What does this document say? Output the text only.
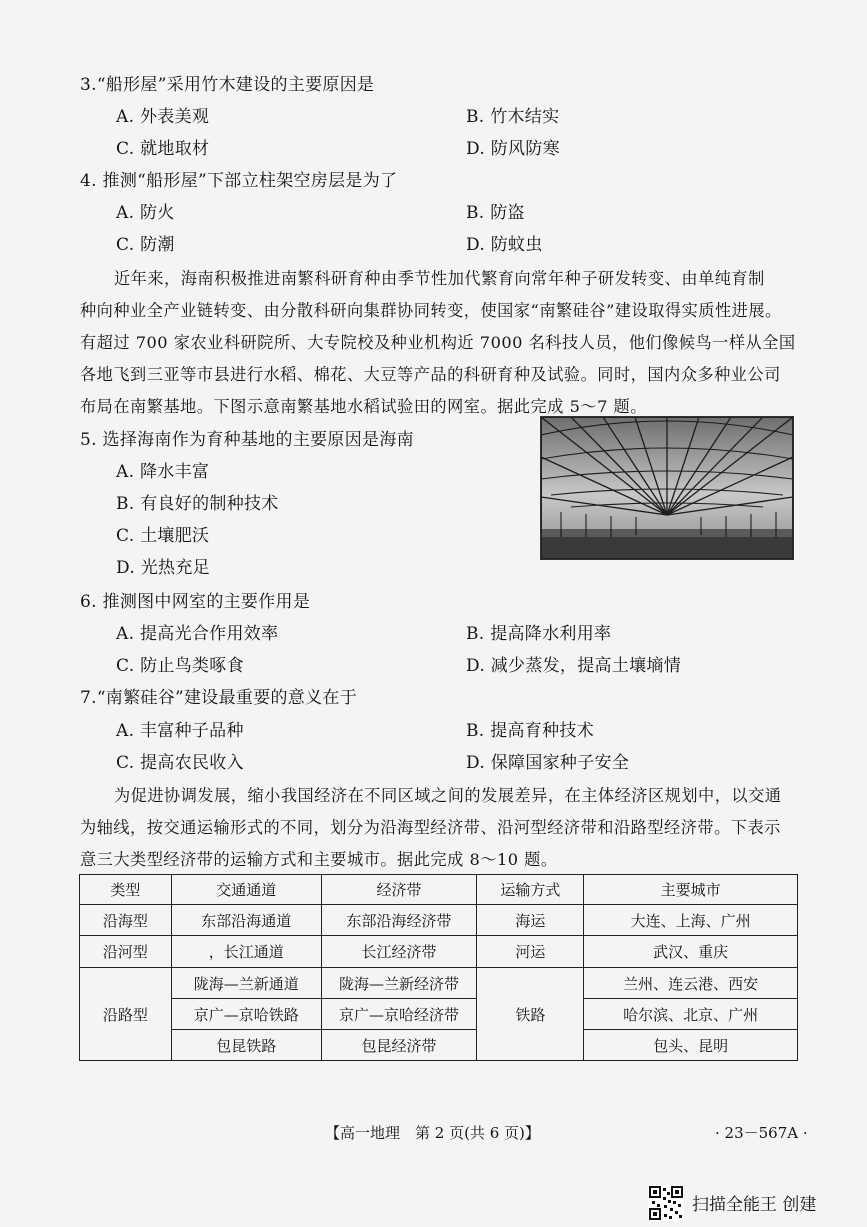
3.“船形屋”采用竹木建设的主要原因是
A. 外表美观	B. 竹木结实
C. 就地取材	D. 防风防寒
4. 推测“船形屋”下部立柱架空房层是为了
A. 防火	B. 防盗
C. 防潮	D. 防蚊虫
近年来，海南积极推进南繁科研育种由季节性加代繁育向常年种子研发转变、由单纯育制
种向种业全产业链转变、由分散科研向集群协同转变，使国家“南繁硅谷”建设取得实质性进展。
有超过 700 家农业科研院所、大专院校及种业机构近 7000 名科技人员，他们像候鸟一样从全国
各地飞到三亚等市县进行水稻、棉花、大豆等产品的科研育种及试验。同时，国内众多种业公司
布局在南繁基地。下图示意南繁基地水稻试验田的网室。据此完成 5～7 题。
5. 选择海南作为育种基地的主要原因是海南
A. 降水丰富
B. 有良好的制种技术
C. 土壤肥沃
D. 光热充足
6. 推测图中网室的主要作用是
A. 提高光合作用效率	B. 提高降水利用率
C. 防止鸟类啄食	D. 减少蒸发，提高土壤墒情
7.“南繁硅谷”建设最重要的意义在于
A. 丰富种子品种	B. 提高育种技术
C. 提高农民收入	D. 保障国家种子安全
为促进协调发展，缩小我国经济在不同区域之间的发展差异，在主体经济区规划中，以交通
为轴线，按交通运输形式的不同，划分为沿海型经济带、沿河型经济带和沿路型经济带。下表示
意三大类型经济带的运输方式和主要城市。据此完成 8～10 题。
类型	交通通道	经济带	运输方式	主要城市
沿海型	东部沿海通道	东部沿海经济带	海运	大连、上海、广州
沿河型	，长江通道	长江经济带	河运	武汉、重庆
沿路型	陇海—兰新通道	陇海—兰新经济带	铁路	兰州、连云港、西安
	京广—京哈铁路	京广—京哈经济带		哈尔滨、北京、广州
	包昆铁路	包昆经济带		包头、昆明
【高一地理　第 2 页(共 6 页)】	· 23－567A ·
扫描全能王 创建
